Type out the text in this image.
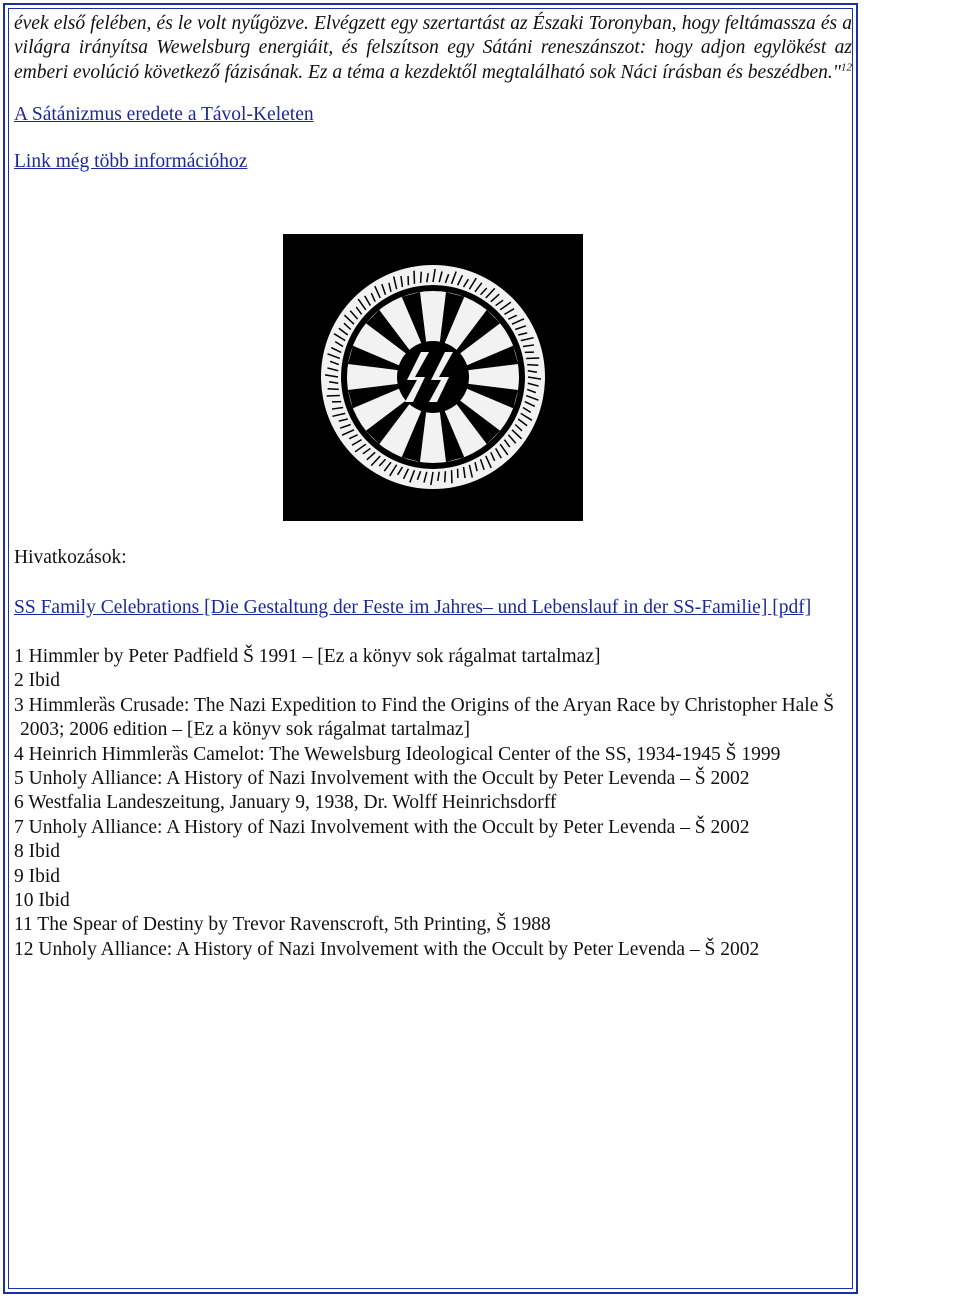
évek első felében, és le volt nyűgözve. Elvégzett egy szertartást az Északi Toronyban, hogy feltámassza és a világra irányítsa Wewelsburg energiáit, és felszítson egy Sátáni reneszánszot: hogy adjon egylökést az emberi evolúció következő fázisának. Ez a téma a kezdektől megtalálható sok Náci írásban és beszédben."$^{12}$

A Sátánizmus eredete a Távol-Keleten
Link még több információhoz
Hivatkozások:
SS Family Celebrations [Die Gestaltung der Feste im Jahres‒ und Lebenslauf in der SS-Familie] [pdf]

1 Himmler by Peter Padfield Š 1991 ‒ [Ez a könyv sok rágalmat tartalmaz]

2 Ibid

3 Himmlerȁs Crusade: The Nazi Expedition to Find the Origins of the Aryan Race by Christopher Hale Š 2003; 2006 edition ‒ [Ez a könyv sok rágalmat tartalmaz]

4 Heinrich Himmlerȁs Camelot: The Wewelsburg Ideological Center of the SS, 1934-1945 Š 1999

5 Unholy Alliance: A History of Nazi Involvement with the Occult by Peter Levenda ‒ Š 2002

6 Westfalia Landeszeitung, January 9, 1938, Dr. Wolff Heinrichsdorff

7 Unholy Alliance: A History of Nazi Involvement with the Occult by Peter Levenda ‒ Š 2002

8 Ibid

9 Ibid

10 Ibid

11 The Spear of Destiny by Trevor Ravenscroft, 5th Printing, Š 1988

12 Unholy Alliance: A History of Nazi Involvement with the Occult by Peter Levenda ‒ Š 2002
